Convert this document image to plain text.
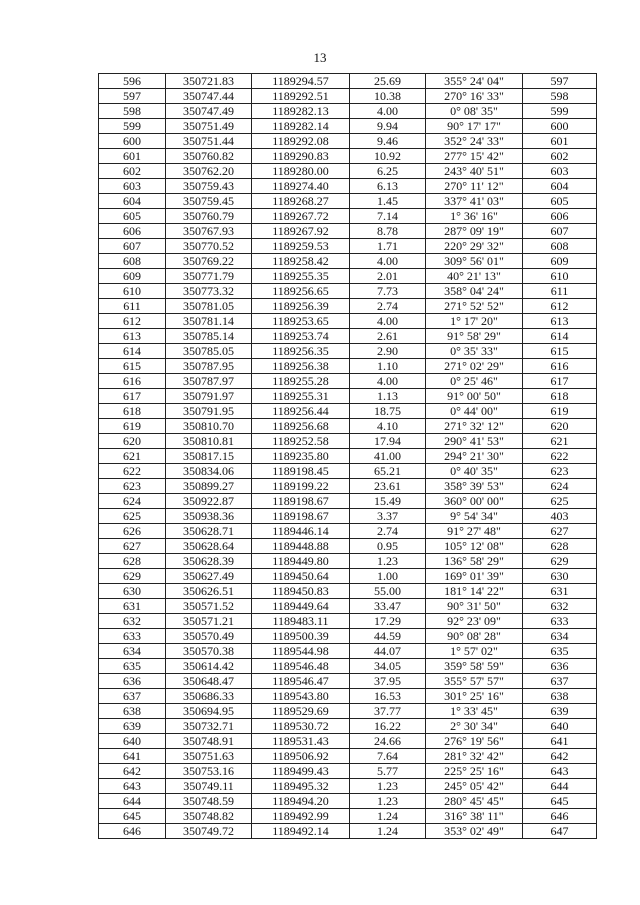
13
596	350721.83	1189294.57	25.69	355° 24' 04"	597
597	350747.44	1189292.51	10.38	270° 16' 33"	598
598	350747.49	1189282.13	4.00	0° 08' 35"	599
599	350751.49	1189282.14	9.94	90° 17' 17"	600
600	350751.44	1189292.08	9.46	352° 24' 33"	601
601	350760.82	1189290.83	10.92	277° 15' 42"	602
602	350762.20	1189280.00	6.25	243° 40' 51"	603
603	350759.43	1189274.40	6.13	270° 11' 12"	604
604	350759.45	1189268.27	1.45	337° 41' 03"	605
605	350760.79	1189267.72	7.14	1° 36' 16"	606
606	350767.93	1189267.92	8.78	287° 09' 19"	607
607	350770.52	1189259.53	1.71	220° 29' 32"	608
608	350769.22	1189258.42	4.00	309° 56' 01"	609
609	350771.79	1189255.35	2.01	40° 21' 13"	610
610	350773.32	1189256.65	7.73	358° 04' 24"	611
611	350781.05	1189256.39	2.74	271° 52' 52"	612
612	350781.14	1189253.65	4.00	1° 17' 20"	613
613	350785.14	1189253.74	2.61	91° 58' 29"	614
614	350785.05	1189256.35	2.90	0° 35' 33"	615
615	350787.95	1189256.38	1.10	271° 02' 29"	616
616	350787.97	1189255.28	4.00	0° 25' 46"	617
617	350791.97	1189255.31	1.13	91° 00' 50"	618
618	350791.95	1189256.44	18.75	0° 44' 00"	619
619	350810.70	1189256.68	4.10	271° 32' 12"	620
620	350810.81	1189252.58	17.94	290° 41' 53"	621
621	350817.15	1189235.80	41.00	294° 21' 30"	622
622	350834.06	1189198.45	65.21	0° 40' 35"	623
623	350899.27	1189199.22	23.61	358° 39' 53"	624
624	350922.87	1189198.67	15.49	360° 00' 00"	625
625	350938.36	1189198.67	3.37	9° 54' 34"	403
626	350628.71	1189446.14	2.74	91° 27' 48"	627
627	350628.64	1189448.88	0.95	105° 12' 08"	628
628	350628.39	1189449.80	1.23	136° 58' 29"	629
629	350627.49	1189450.64	1.00	169° 01' 39"	630
630	350626.51	1189450.83	55.00	181° 14' 22"	631
631	350571.52	1189449.64	33.47	90° 31' 50"	632
632	350571.21	1189483.11	17.29	92° 23' 09"	633
633	350570.49	1189500.39	44.59	90° 08' 28"	634
634	350570.38	1189544.98	44.07	1° 57' 02"	635
635	350614.42	1189546.48	34.05	359° 58' 59"	636
636	350648.47	1189546.47	37.95	355° 57' 57"	637
637	350686.33	1189543.80	16.53	301° 25' 16"	638
638	350694.95	1189529.69	37.77	1° 33' 45"	639
639	350732.71	1189530.72	16.22	2° 30' 34"	640
640	350748.91	1189531.43	24.66	276° 19' 56"	641
641	350751.63	1189506.92	7.64	281° 32' 42"	642
642	350753.16	1189499.43	5.77	225° 25' 16"	643
643	350749.11	1189495.32	1.23	245° 05' 42"	644
644	350748.59	1189494.20	1.23	280° 45' 45"	645
645	350748.82	1189492.99	1.24	316° 38' 11"	646
646	350749.72	1189492.14	1.24	353° 02' 49"	647
